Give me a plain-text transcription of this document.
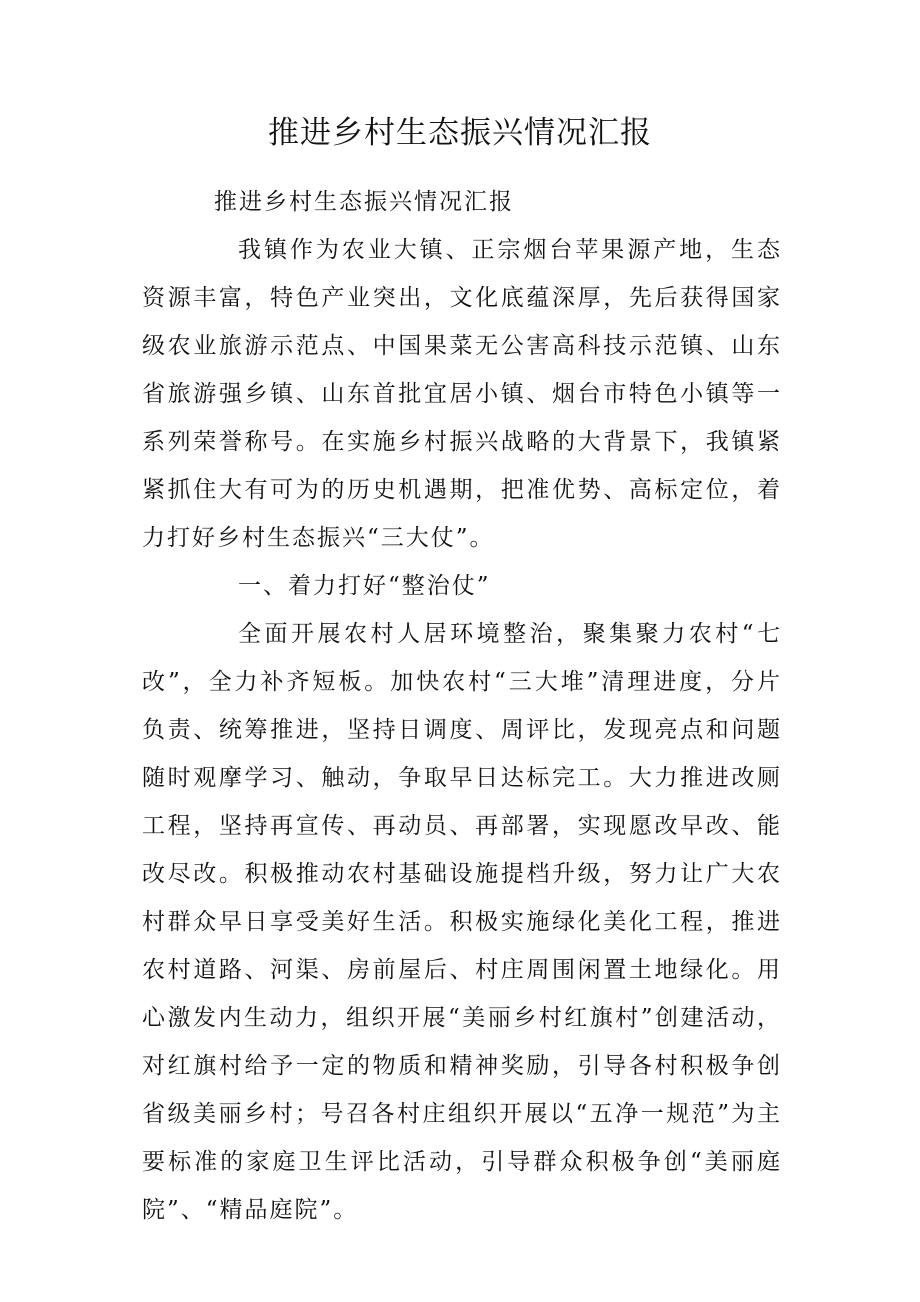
推进乡村生态振兴情况汇报

推进乡村生态振兴情况汇报

我镇作为农业大镇、正宗烟台苹果源产地，生态资源丰富，特色产业突出，文化底蕴深厚，先后获得国家级农业旅游示范点、中国果菜无公害高科技示范镇、山东省旅游强乡镇、山东首批宜居小镇、烟台市特色小镇等一系列荣誉称号。在实施乡村振兴战略的大背景下，我镇紧紧抓住大有可为的历史机遇期，把准优势、高标定位，着力打好乡村生态振兴“三大仗”。

一、着力打好“整治仗”

全面开展农村人居环境整治，聚集聚力农村“七改”，全力补齐短板。加快农村“三大堆”清理进度，分片负责、统筹推进，坚持日调度、周评比，发现亮点和问题随时观摩学习、触动，争取早日达标完工。大力推进改厕工程，坚持再宣传、再动员、再部署，实现愿改早改、能改尽改。积极推动农村基础设施提档升级，努力让广大农村群众早日享受美好生活。积极实施绿化美化工程，推进农村道路、河渠、房前屋后、村庄周围闲置土地绿化。用心激发内生动力，组织开展“美丽乡村红旗村”创建活动，对红旗村给予一定的物质和精神奖励，引导各村积极争创省级美丽乡村；号召各村庄组织开展以“五净一规范”为主要标准的家庭卫生评比活动，引导群众积极争创“美丽庭院”、“精品庭院”。
